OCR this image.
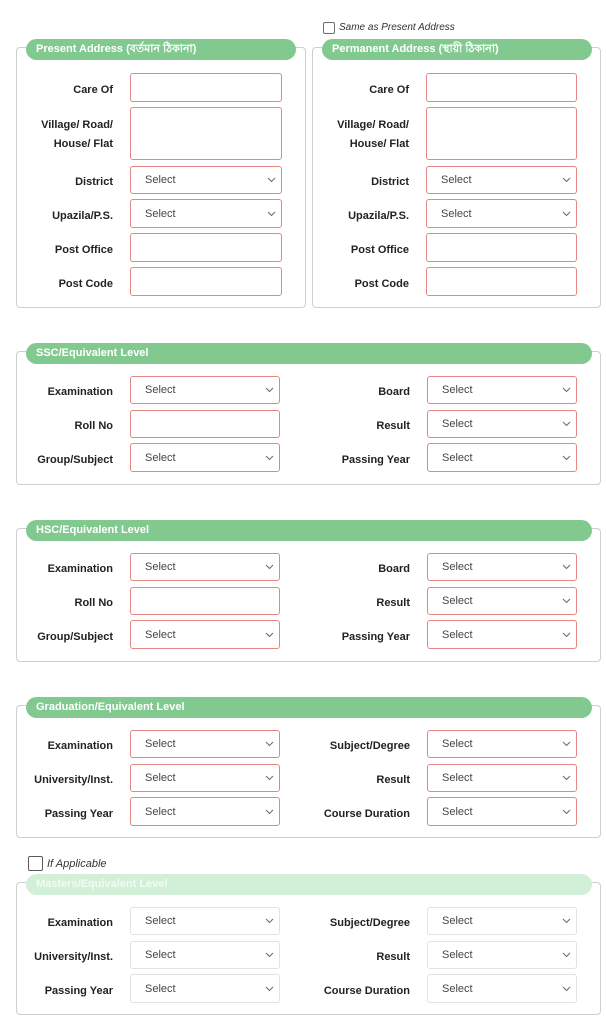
Same as Present Address
Present Address (বর্তমান ঠিকানা)	Permanent Address (স্থায়ী ঠিকানা)
Care Of	Care Of
Village/ Road/ House/ Flat
Village/ Road/ House/ Flat
District	Select	District	Select
Upazila/P.S.	Select	Upazila/P.S.	Select
Post Office	Post Office
Post Code	Post Code
SSC/Equivalent Level
Examination	Select	Board	Select
Roll No	Result	Select
Group/Subject	Select	Passing Year	Select
HSC/Equivalent Level
Examination	Select	Board	Select
Roll No	Result	Select
Group/Subject	Select	Passing Year	Select
Graduation/Equivalent Level
Examination	Select	Subject/Degree	Select
University/Inst.	Select	Result	Select
Passing Year	Select	Course Duration	Select
If Applicable
Masters/Equivalent Level
Examination	Select	Subject/Degree	Select
University/Inst.	Select	Result	Select
Passing Year	Select	Course Duration	Select
